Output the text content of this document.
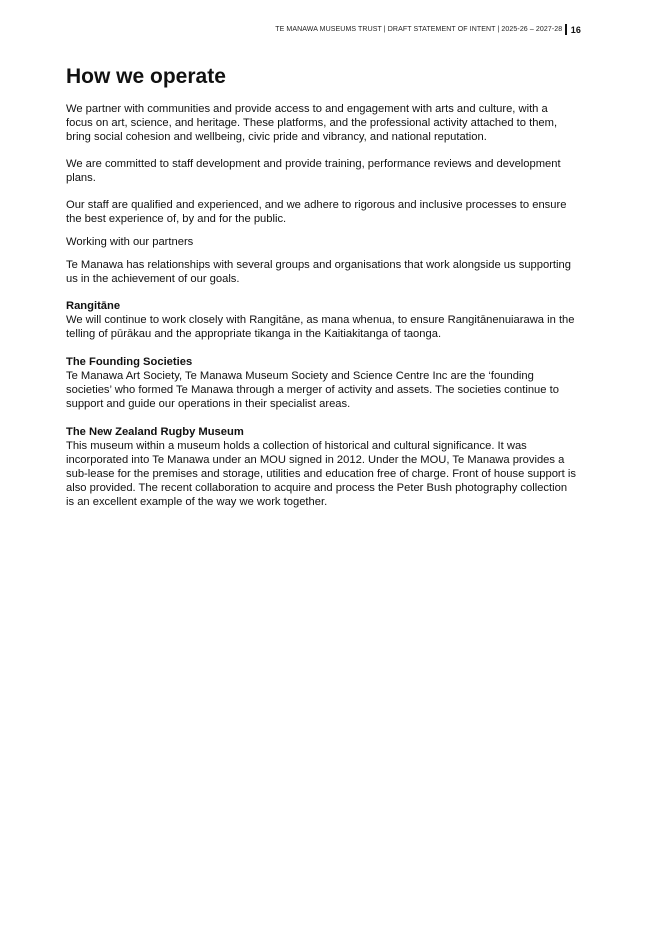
TE MANAWA MUSEUMS TRUST | DRAFT STATEMENT OF INTENT | 2025-26 – 2027-28 16
How we operate

We partner with communities and provide access to and engagement with arts and culture, with a focus on art, science, and heritage. These platforms, and the professional activity attached to them, bring social cohesion and wellbeing, civic pride and vibrancy, and national reputation.

We are committed to staff development and provide training, performance reviews and development plans.

Our staff are qualified and experienced, and we adhere to rigorous and inclusive processes to ensure the best experience of, by and for the public.

Working with our partners

Te Manawa has relationships with several groups and organisations that work alongside us supporting us in the achievement of our goals.

Rangitāne

We will continue to work closely with Rangitāne, as mana whenua, to ensure Rangitānenuiarawa in the telling of pūrākau and the appropriate tikanga in the Kaitiakitanga of taonga.

The Founding Societies

Te Manawa Art Society, Te Manawa Museum Society and Science Centre Inc are the ‘founding societies’ who formed Te Manawa through a merger of activity and assets. The societies continue to support and guide our operations in their specialist areas.

The New Zealand Rugby Museum

This museum within a museum holds a collection of historical and cultural significance. It was incorporated into Te Manawa under an MOU signed in 2012. Under the MOU, Te Manawa provides a sub-lease for the premises and storage, utilities and education free of charge. Front of house support is also provided. The recent collaboration to acquire and process the Peter Bush photography collection is an excellent example of the way we work together.
